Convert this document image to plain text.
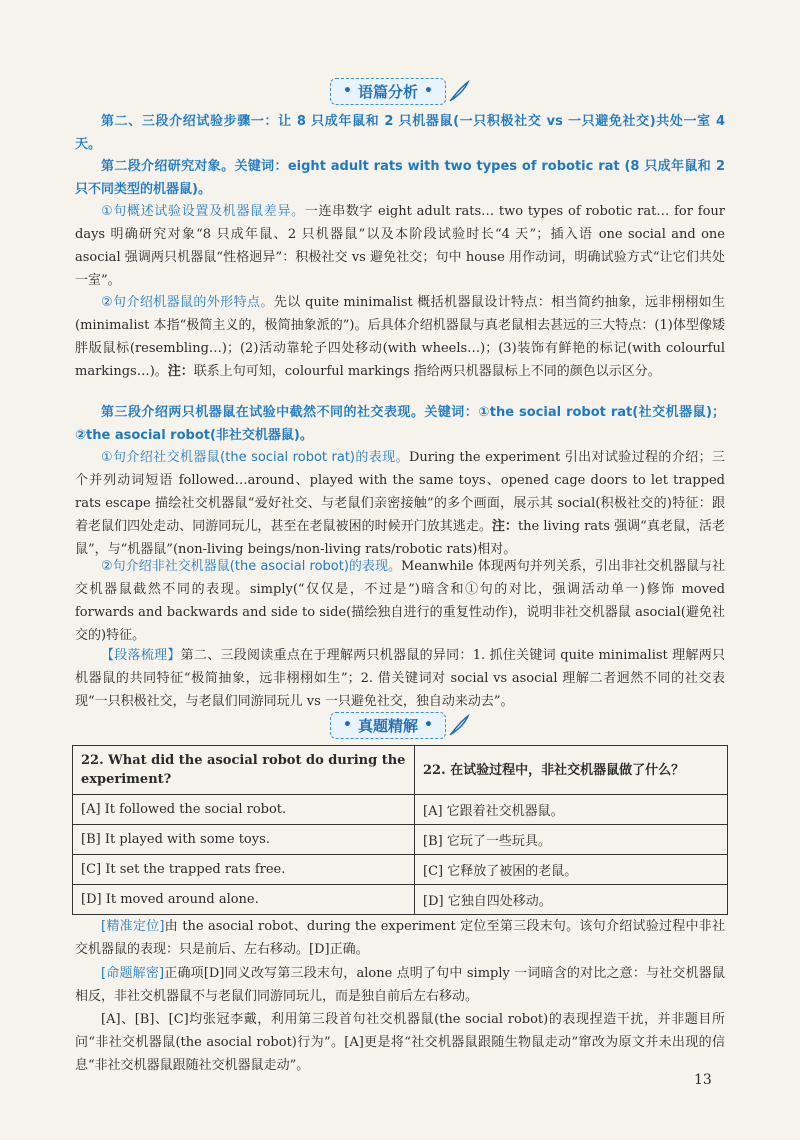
• 语篇分析 •

第二、三段介绍试验步骤一：让 8 只成年鼠和 2 只机器鼠(一只积极社交 vs 一只避免社交)共处一室 4 天。

第二段介绍研究对象。关键词：eight adult rats with two types of robotic rat (8 只成年鼠和 2 只不同类型的机器鼠)。

①句概述试验设置及机器鼠差异。一连串数字 eight adult rats… two types of robotic rat… for four days 明确研究对象“8 只成年鼠、2 只机器鼠”以及本阶段试验时长“4 天”；插入语 one social and one asocial 强调两只机器鼠“性格迥异”：积极社交 vs 避免社交；句中 house 用作动词，明确试验方式“让它们共处一室”。

②句介绍机器鼠的外形特点。先以 quite minimalist 概括机器鼠设计特点：相当简约抽象，远非栩栩如生(minimalist 本指“极简主义的，极简抽象派的”)。后具体介绍机器鼠与真老鼠相去甚远的三大特点：(1)体型像矮胖版鼠标(resembling…)；(2)活动靠轮子四处移动(with wheels…)；(3)装饰有鲜艳的标记(with colourful markings…)。注：联系上句可知，colourful markings 指给两只机器鼠标上不同的颜色以示区分。

第三段介绍两只机器鼠在试验中截然不同的社交表现。关键词：①the social robot rat(社交机器鼠)；②the asocial robot(非社交机器鼠)。

①句介绍社交机器鼠(the social robot rat)的表现。During the experiment 引出对试验过程的介绍；三个并列动词短语 followed…around、played with the same toys、opened cage doors to let trapped rats escape 描绘社交机器鼠“爱好社交、与老鼠们亲密接触”的多个画面，展示其 social(积极社交的)特征：跟着老鼠们四处走动、同游同玩儿，甚至在老鼠被困的时候开门放其逃走。注：the living rats 强调“真老鼠，活老鼠”，与“机器鼠”(non-living beings/non-living rats/robotic rats)相对。

②句介绍非社交机器鼠(the asocial robot)的表现。Meanwhile 体现两句并列关系，引出非社交机器鼠与社交机器鼠截然不同的表现。simply(“仅仅是，不过是”)暗含和①句的对比，强调活动单一)修饰 moved forwards and backwards and side to side(描绘独自进行的重复性动作)，说明非社交机器鼠 asocial(避免社交的)特征。

【段落梳理】第二、三段阅读重点在于理解两只机器鼠的异同：1. 抓住关键词 quite minimalist 理解两只机器鼠的共同特征“极简抽象，远非栩栩如生”；2. 借关键词对 social vs asocial 理解二者迥然不同的社交表现“一只积极社交，与老鼠们同游同玩儿 vs 一只避免社交，独自动来动去”。

• 真题精解 •
22. What did the asocial robot do during the experiment?	22. 在试验过程中，非社交机器鼠做了什么？
[A] It followed the social robot.	[A] 它跟着社交机器鼠。
[B] It played with some toys.	[B] 它玩了一些玩具。
[C] It set the trapped rats free.	[C] 它释放了被困的老鼠。
[D] It moved around alone.	[D] 它独自四处移动。

[精准定位]由 the asocial robot、during the experiment 定位至第三段末句。该句介绍试验过程中非社交机器鼠的表现：只是前后、左右移动。[D]正确。

[命题解密]正确项[D]同义改写第三段末句，alone 点明了句中 simply 一词暗含的对比之意：与社交机器鼠相反，非社交机器鼠不与老鼠们同游同玩儿，而是独自前后左右移动。

[A]、[B]、[C]均张冠李戴，利用第三段首句社交机器鼠(the social robot)的表现捏造干扰，并非题目所问“非社交机器鼠(the asocial robot)行为”。[A]更是将“社交机器鼠跟随生物鼠走动”窜改为原文并未出现的信息“非社交机器鼠跟随社交机器鼠走动”。

13
